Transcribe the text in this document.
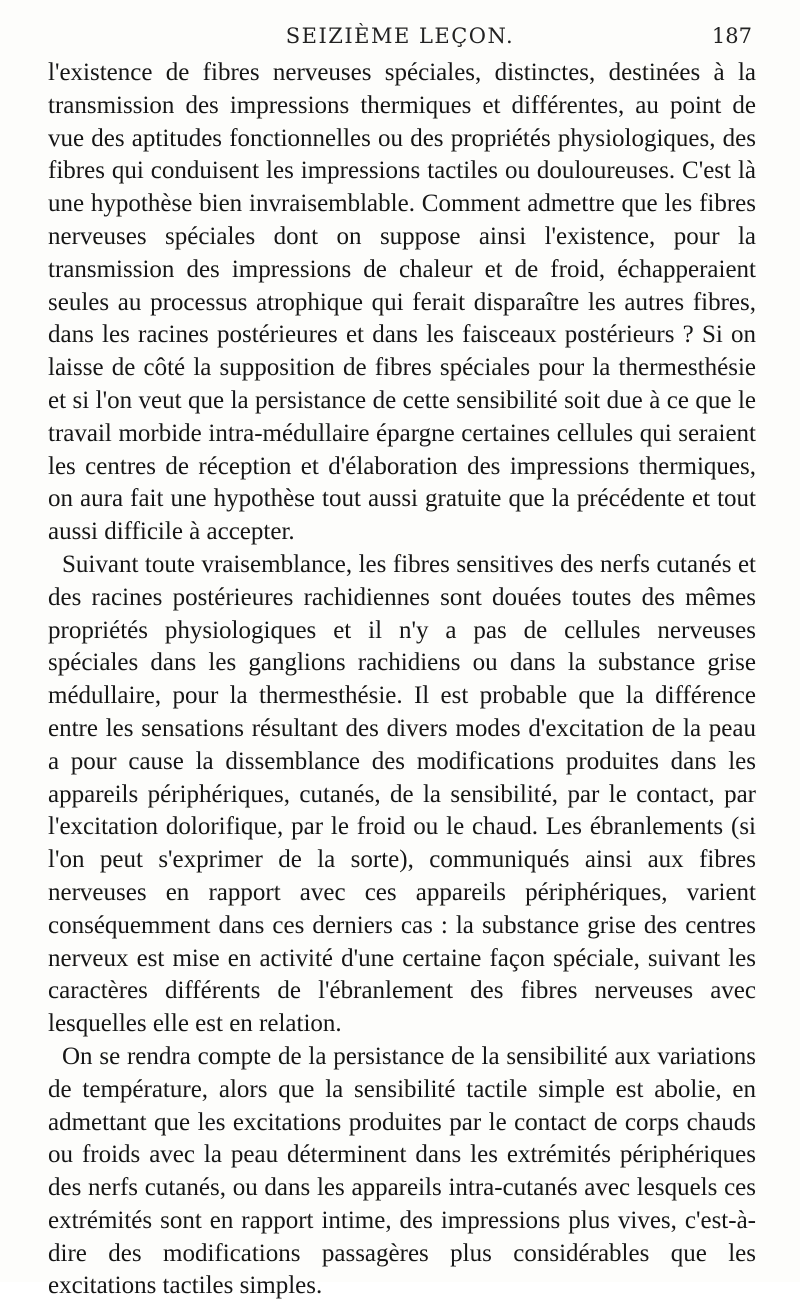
SEIZIÈME LEÇON.	187

l'existence de fibres nerveuses spéciales, distinctes, destinées à la transmission des impressions thermiques et différentes, au point de vue des aptitudes fonctionnelles ou des propriétés physiologiques, des fibres qui conduisent les impressions tactiles ou douloureuses. C'est là une hypothèse bien invraisemblable. Comment admettre que les fibres nerveuses spéciales dont on suppose ainsi l'existence, pour la transmission des impressions de chaleur et de froid, échapperaient seules au processus atrophique qui ferait disparaître les autres fibres, dans les racines postérieures et dans les faisceaux postérieurs ? Si on laisse de côté la supposition de fibres spéciales pour la thermesthésie et si l'on veut que la persistance de cette sensibilité soit due à ce que le travail morbide intra-médullaire épargne certaines cellules qui seraient les centres de réception et d'élaboration des impressions thermiques, on aura fait une hypothèse tout aussi gratuite que la précédente et tout aussi difficile à accepter.

Suivant toute vraisemblance, les fibres sensitives des nerfs cutanés et des racines postérieures rachidiennes sont douées toutes des mêmes propriétés physiologiques et il n'y a pas de cellules nerveuses spéciales dans les ganglions rachidiens ou dans la substance grise médullaire, pour la thermesthésie. Il est probable que la différence entre les sensations résultant des divers modes d'excitation de la peau a pour cause la dissemblance des modifications produites dans les appareils périphériques, cutanés, de la sensibilité, par le contact, par l'excitation dolorifique, par le froid ou le chaud. Les ébranlements (si l'on peut s'exprimer de la sorte), communiqués ainsi aux fibres nerveuses en rapport avec ces appareils périphériques, varient conséquemment dans ces derniers cas : la substance grise des centres nerveux est mise en activité d'une certaine façon spéciale, suivant les caractères différents de l'ébranlement des fibres nerveuses avec lesquelles elle est en relation.

On se rendra compte de la persistance de la sensibilité aux variations de température, alors que la sensibilité tactile simple est abolie, en admettant que les excitations produites par le contact de corps chauds ou froids avec la peau déterminent dans les extrémités périphériques des nerfs cutanés, ou dans les appareils intra-cutanés avec lesquels ces extrémités sont en rapport intime, des impressions plus vives, c'est-à-dire des modifications passagères plus considérables que les excitations tactiles simples.
